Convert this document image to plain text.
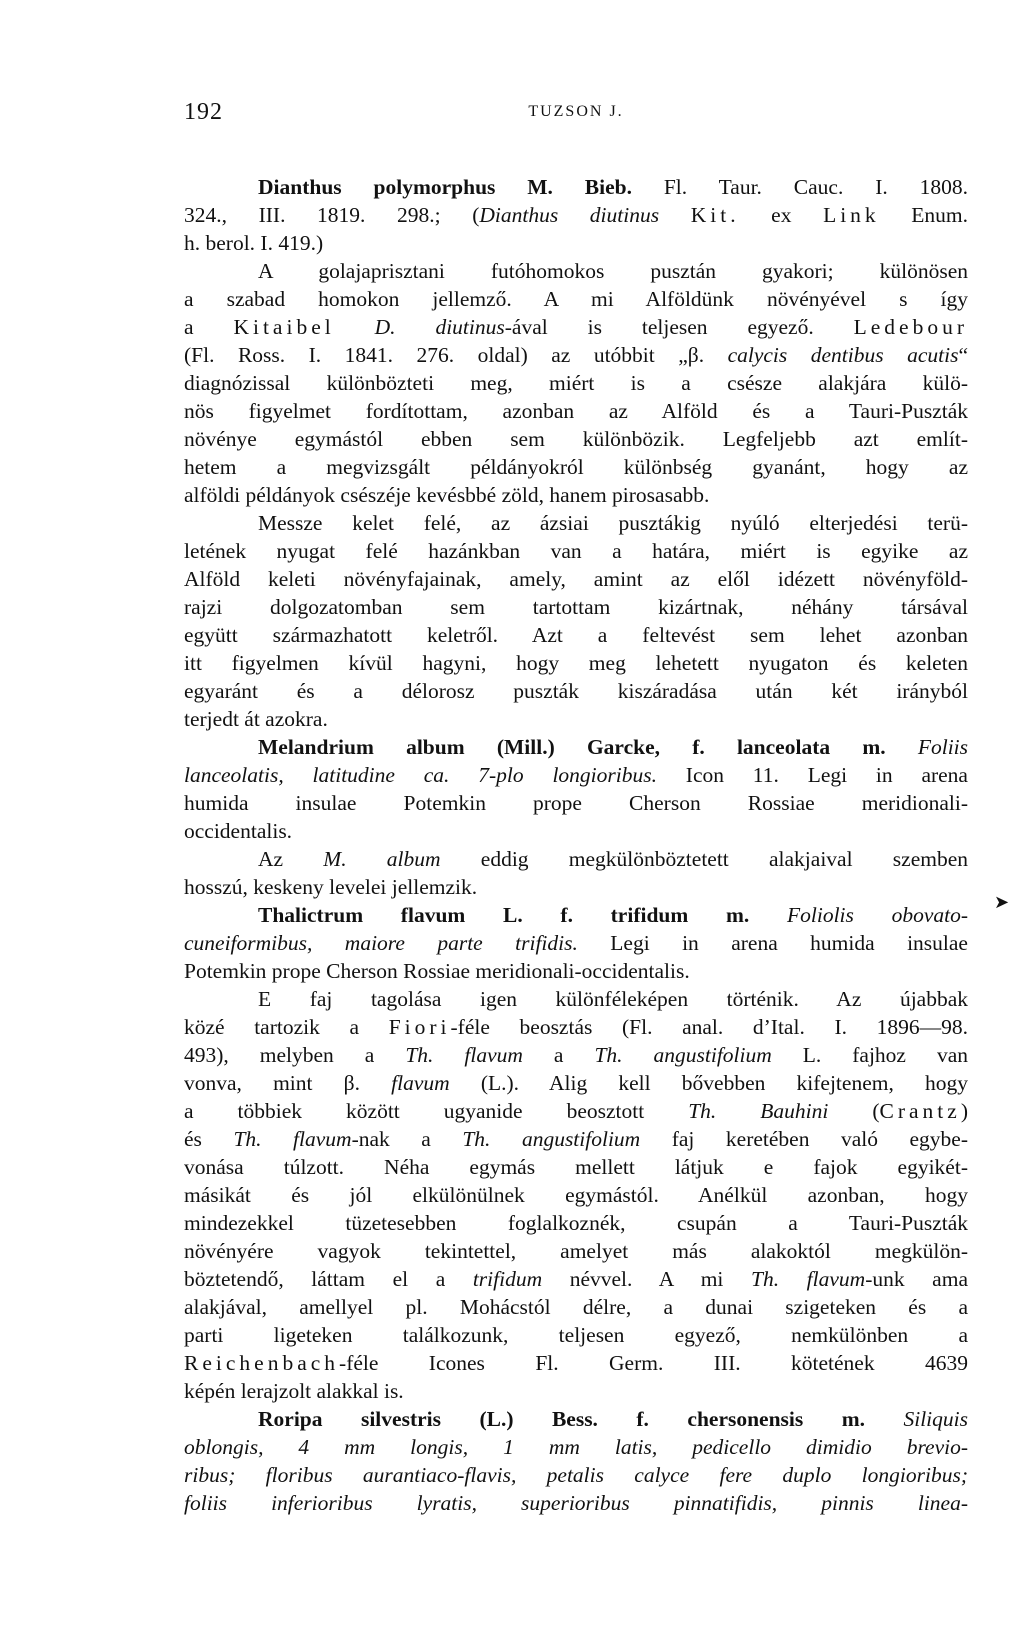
192	TUZSON J.
Dianthus polymorphus M. Bieb. Fl. Taur. Cauc. I. 1808.
324., III. 1819. 298.; (Dianthus diutinus Kit. ex Link Enum.
h. berol. I. 419.)
A golajaprisztani futóhomokos pusztán gyakori; különösen
a szabad homokon jellemző. A mi Alföldünk növényével s így
a Kitaibel D. diutinus-ával is teljesen egyező. Ledebour
(Fl. Ross. I. 1841. 276. oldal) az utóbbit „β. calycis dentibus acutis“
diagnózissal különbözteti meg, miért is a csésze alakjára külö-
nös figyelmet fordítottam, azonban az Alföld és a Tauri-Puszták
növénye egymástól ebben sem különbözik. Legfeljebb azt említ-
hetem a megvizsgált példányokról különbség gyanánt, hogy az
alföldi példányok csészéje kevésbbé zöld, hanem pirosasabb.
Messze kelet felé, az ázsiai pusztákig nyúló elterjedési terü-
letének nyugat felé hazánkban van a határa, miért is egyike az
Alföld keleti növényfajainak, amely, amint az elől idézett növényföld-
rajzi dolgozatomban sem tartottam kizártnak, néhány társával
együtt származhatott keletről. Azt a feltevést sem lehet azonban
itt figyelmen kívül hagyni, hogy meg lehetett nyugaton és keleten
egyaránt és a délorosz puszták kiszáradása után két irányból
terjedt át azokra.
Melandrium album (Mill.) Garcke, f. lanceolata m. Foliis
lanceolatis, latitudine ca. 7-plo longioribus. Icon 11. Legi in arena
humida insulae Potemkin prope Cherson Rossiae meridionali-
occidentalis.
Az M. album eddig megkülönböztetett alakjaival szemben
hosszú, keskeny levelei jellemzik.
Thalictrum flavum L. f. trifidum m. Foliolis obovato-
cuneiformibus, maiore parte trifidis. Legi in arena humida insulae
Potemkin prope Cherson Rossiae meridionali-occidentalis.
E faj tagolása igen különféleképen történik. Az újabbak
közé tartozik a Fiori-féle beosztás (Fl. anal. d’Ital. I. 1896—98.
493), melyben a Th. flavum a Th. angustifolium L. fajhoz van
vonva, mint β. flavum (L.). Alig kell bővebben kifejtenem, hogy
a többiek között ugyanide beosztott Th. Bauhini (Crantz)
és Th. flavum-nak a Th. angustifolium faj keretében való egybe-
vonása túlzott. Néha egymás mellett látjuk e fajok egyikét-
másikát és jól elkülönülnek egymástól. Anélkül azonban, hogy
mindezekkel tüzetesebben foglalkoznék, csupán a Tauri-Puszták
növényére vagyok tekintettel, amelyet más alakoktól megkülön-
böztetendő, láttam el a trifidum névvel. A mi Th. flavum-unk ama
alakjával, amellyel pl. Mohácstól délre, a dunai szigeteken és a
parti ligeteken találkozunk, teljesen egyező, nemkülönben a
Reichenbach-féle Icones Fl. Germ. III. kötetének 4639
képén lerajzolt alakkal is.
Roripa silvestris (L.) Bess. f. chersonensis m. Siliquis
oblongis, 4 mm longis, 1 mm latis, pedicello dimidio brevio-
ribus; floribus aurantiaco-flavis, petalis calyce fere duplo longioribus;
foliis inferioribus lyratis, superioribus pinnatifidis, pinnis linea-
➤
